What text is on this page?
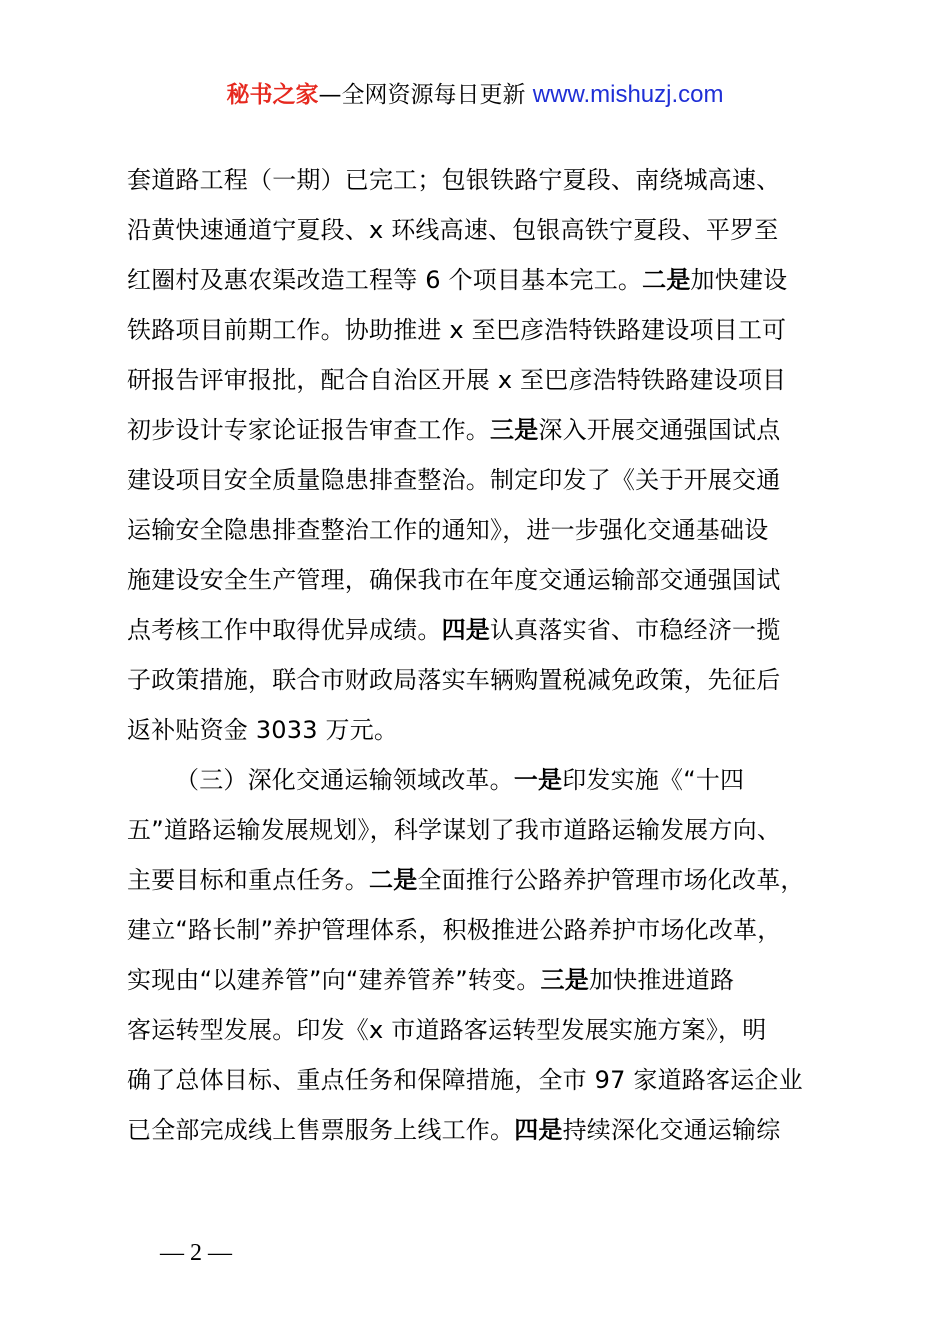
秘书之家—全网资源每日更新 www.mishuzj.com
套道路工程（一期）已完工；包银铁路宁夏段、南绕城高速、
沿黄快速通道宁夏段、x 环线高速、包银高铁宁夏段、平罗至
红圈村及惠农渠改造工程等 6 个项目基本完工。二是加快建设
铁路项目前期工作。协助推进 x 至巴彦浩特铁路建设项目工可
研报告评审报批，配合自治区开展 x 至巴彦浩特铁路建设项目
初步设计专家论证报告审查工作。三是深入开展交通强国试点
建设项目安全质量隐患排查整治。制定印发了《关于开展交通
运输安全隐患排查整治工作的通知》，进一步强化交通基础设
施建设安全生产管理，确保我市在年度交通运输部交通强国试
点考核工作中取得优异成绩。四是认真落实省、市稳经济一揽
子政策措施，联合市财政局落实车辆购置税减免政策，先征后
返补贴资金 3033 万元。
（三）深化交通运输领域改革。一是印发实施《“十四
五”道路运输发展规划》，科学谋划了我市道路运输发展方向、
主要目标和重点任务。二是全面推行公路养护管理市场化改革，
建立“路长制”养护管理体系，积极推进公路养护市场化改革，
实现由“以建养管”向“建养管养”转变。三是加快推进道路
客运转型发展。印发《x 市道路客运转型发展实施方案》，明
确了总体目标、重点任务和保障措施，全市 97 家道路客运企业
已全部完成线上售票服务上线工作。四是持续深化交通运输综
— 2 —
